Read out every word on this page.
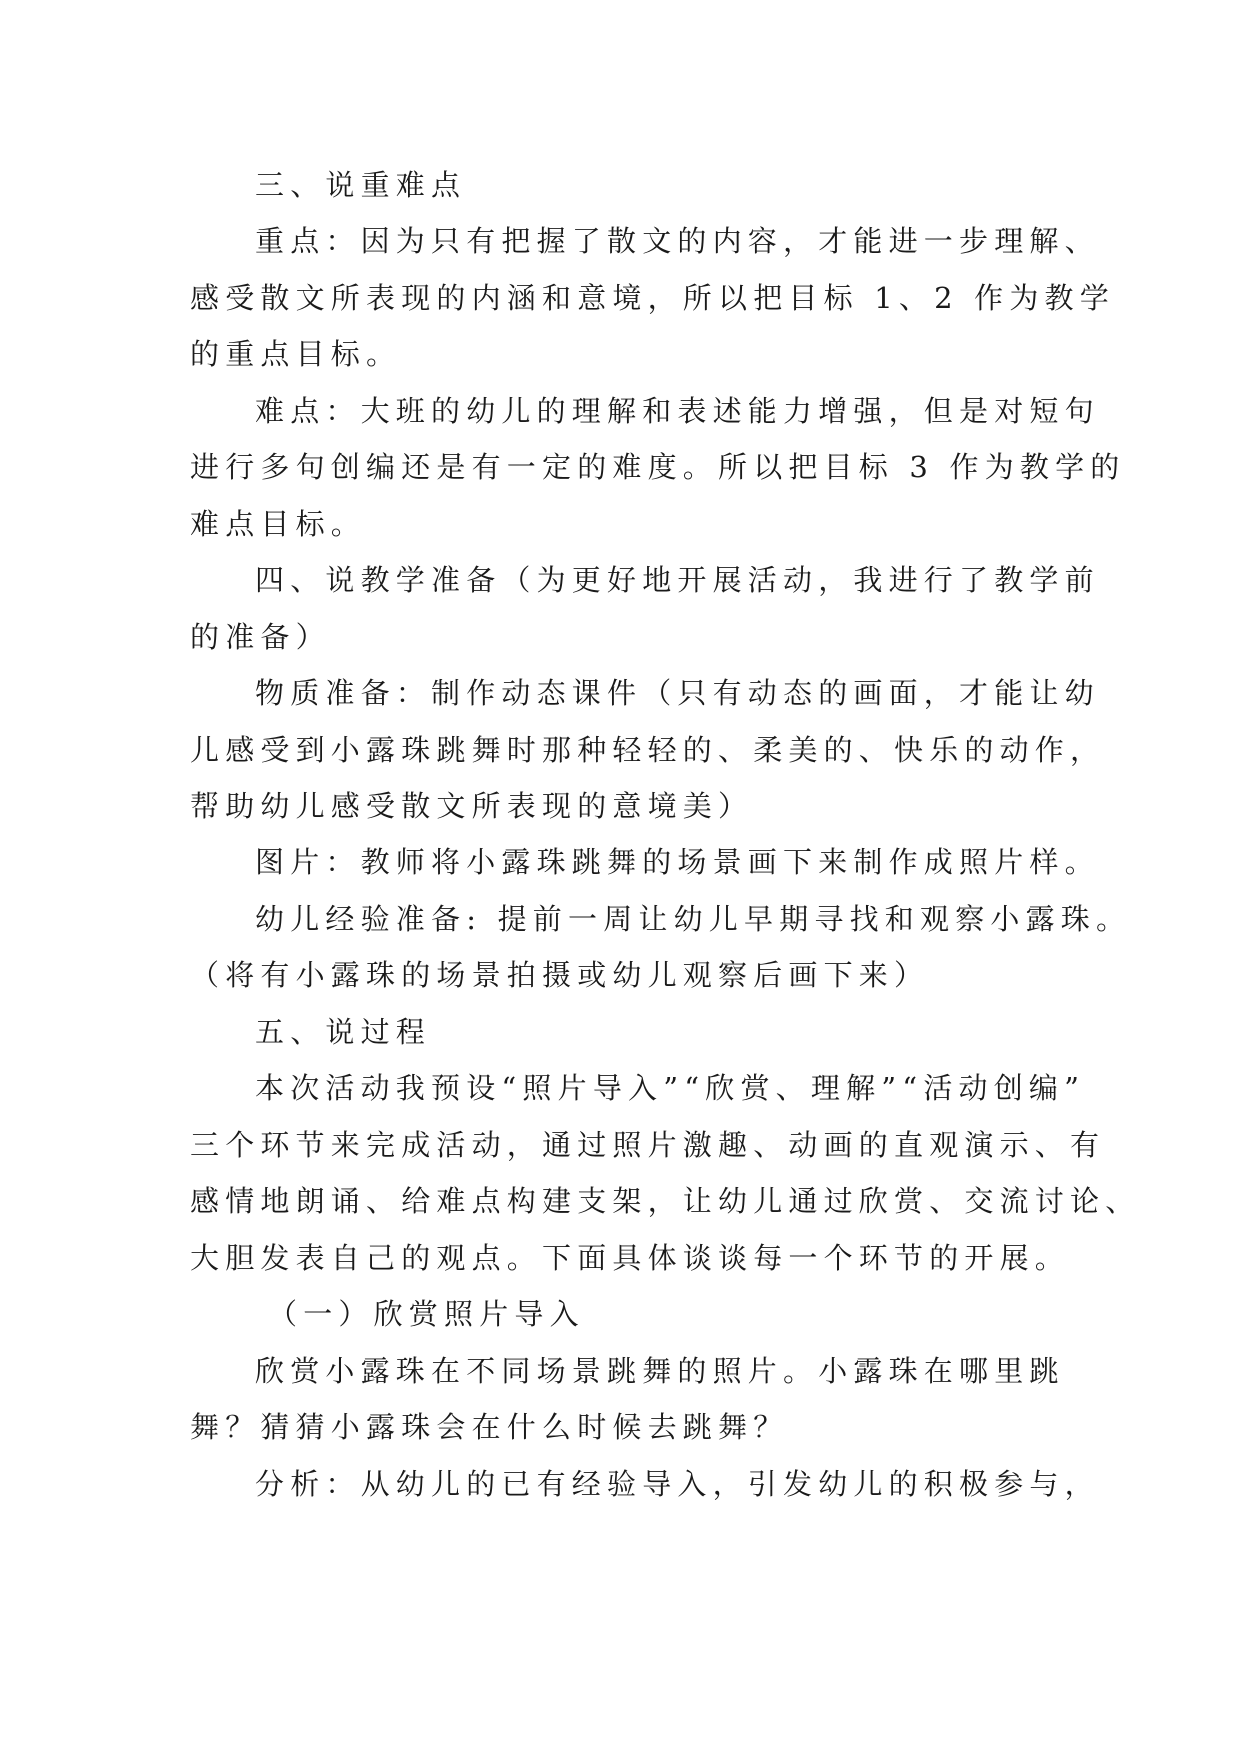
三、说重难点
重点：因为只有把握了散文的内容，才能进一步理解、
感受散文所表现的内涵和意境，所以把目标 1、2 作为教学
的重点目标。
难点：大班的幼儿的理解和表述能力增强，但是对短句
进行多句创编还是有一定的难度。所以把目标 3 作为教学的
难点目标。
四、说教学准备（为更好地开展活动，我进行了教学前
的准备）
物质准备：制作动态课件（只有动态的画面，才能让幼
儿感受到小露珠跳舞时那种轻轻的、柔美的、快乐的动作，
帮助幼儿感受散文所表现的意境美）
图片：教师将小露珠跳舞的场景画下来制作成照片样。
幼儿经验准备: 提前一周让幼儿早期寻找和观察小露珠。
（将有小露珠的场景拍摄或幼儿观察后画下来）
五、说过程
本次活动我预设“照片导入”“欣赏、理解”“活动创编”
三个环节来完成活动，通过照片激趣、动画的直观演示、有
感情地朗诵、给难点构建支架，让幼儿通过欣赏、交流讨论、
大胆发表自己的观点。下面具体谈谈每一个环节的开展。
（一）欣赏照片导入
欣赏小露珠在不同场景跳舞的照片。小露珠在哪里跳
舞？猜猜小露珠会在什么时候去跳舞？
分析：从幼儿的已有经验导入，引发幼儿的积极参与，
